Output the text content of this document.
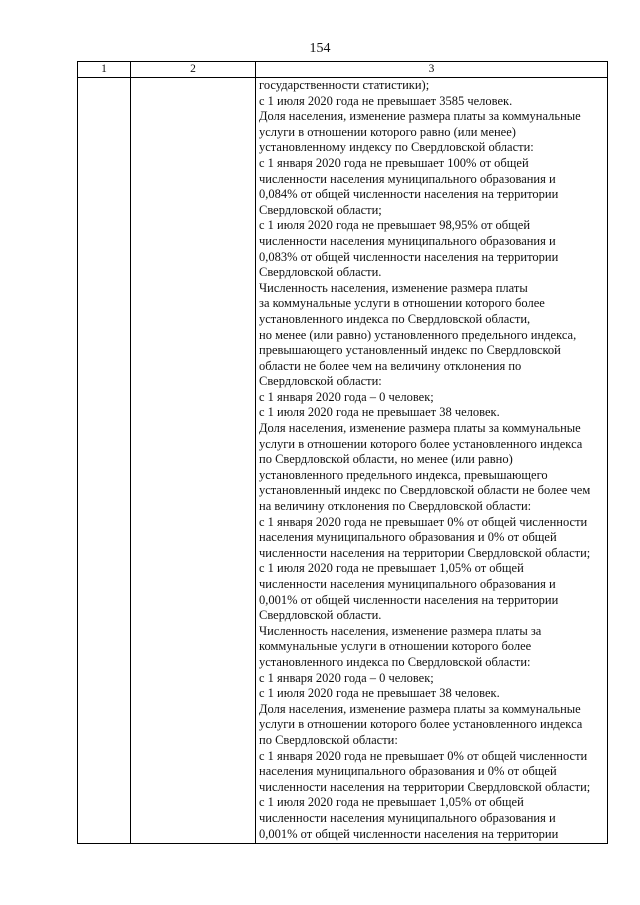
154
1	2	3
государственности статистики);
с 1 июля 2020 года не превышает 3585 человек.
Доля населения, изменение размера платы за коммунальные
услуги в отношении которого равно (или менее)
установленному индексу по Свердловской области:
с 1 января 2020 года не превышает 100% от общей
численности населения муниципального образования и
0,084% от общей численности населения на территории
Свердловской области;
с 1 июля 2020 года не превышает 98,95% от общей
численности населения муниципального образования и
0,083% от общей численности населения на территории
Свердловской области.
Численность населения, изменение размера платы
за коммунальные услуги в отношении которого более
установленного индекса по Свердловской области,
но менее (или равно) установленного предельного индекса,
превышающего установленный индекс по Свердловской
области не более чем на величину отклонения по
Свердловской области:
с 1 января 2020 года – 0 человек;
с 1 июля 2020 года не превышает 38 человек.
Доля населения, изменение размера платы за коммунальные
услуги в отношении которого более установленного индекса
по Свердловской области, но менее (или равно)
установленного предельного индекса, превышающего
установленный индекс по Свердловской области не более чем
на величину отклонения по Свердловской области:
с 1 января 2020 года не превышает 0% от общей численности
населения муниципального образования и 0% от общей
численности населения на территории Свердловской области;
с 1 июля 2020 года не превышает 1,05% от общей
численности населения муниципального образования и
0,001% от общей численности населения на территории
Свердловской области.
Численность населения, изменение размера платы за
коммунальные услуги в отношении которого более
установленного индекса по Свердловской области:
с 1 января 2020 года – 0 человек;
с 1 июля 2020 года не превышает 38 человек.
Доля населения, изменение размера платы за коммунальные
услуги в отношении которого более установленного индекса
по Свердловской области:
с 1 января 2020 года не превышает 0% от общей численности
населения муниципального образования и 0% от общей
численности населения на территории Свердловской области;
с 1 июля 2020 года не превышает 1,05% от общей
численности населения муниципального образования и
0,001% от общей численности населения на территории
